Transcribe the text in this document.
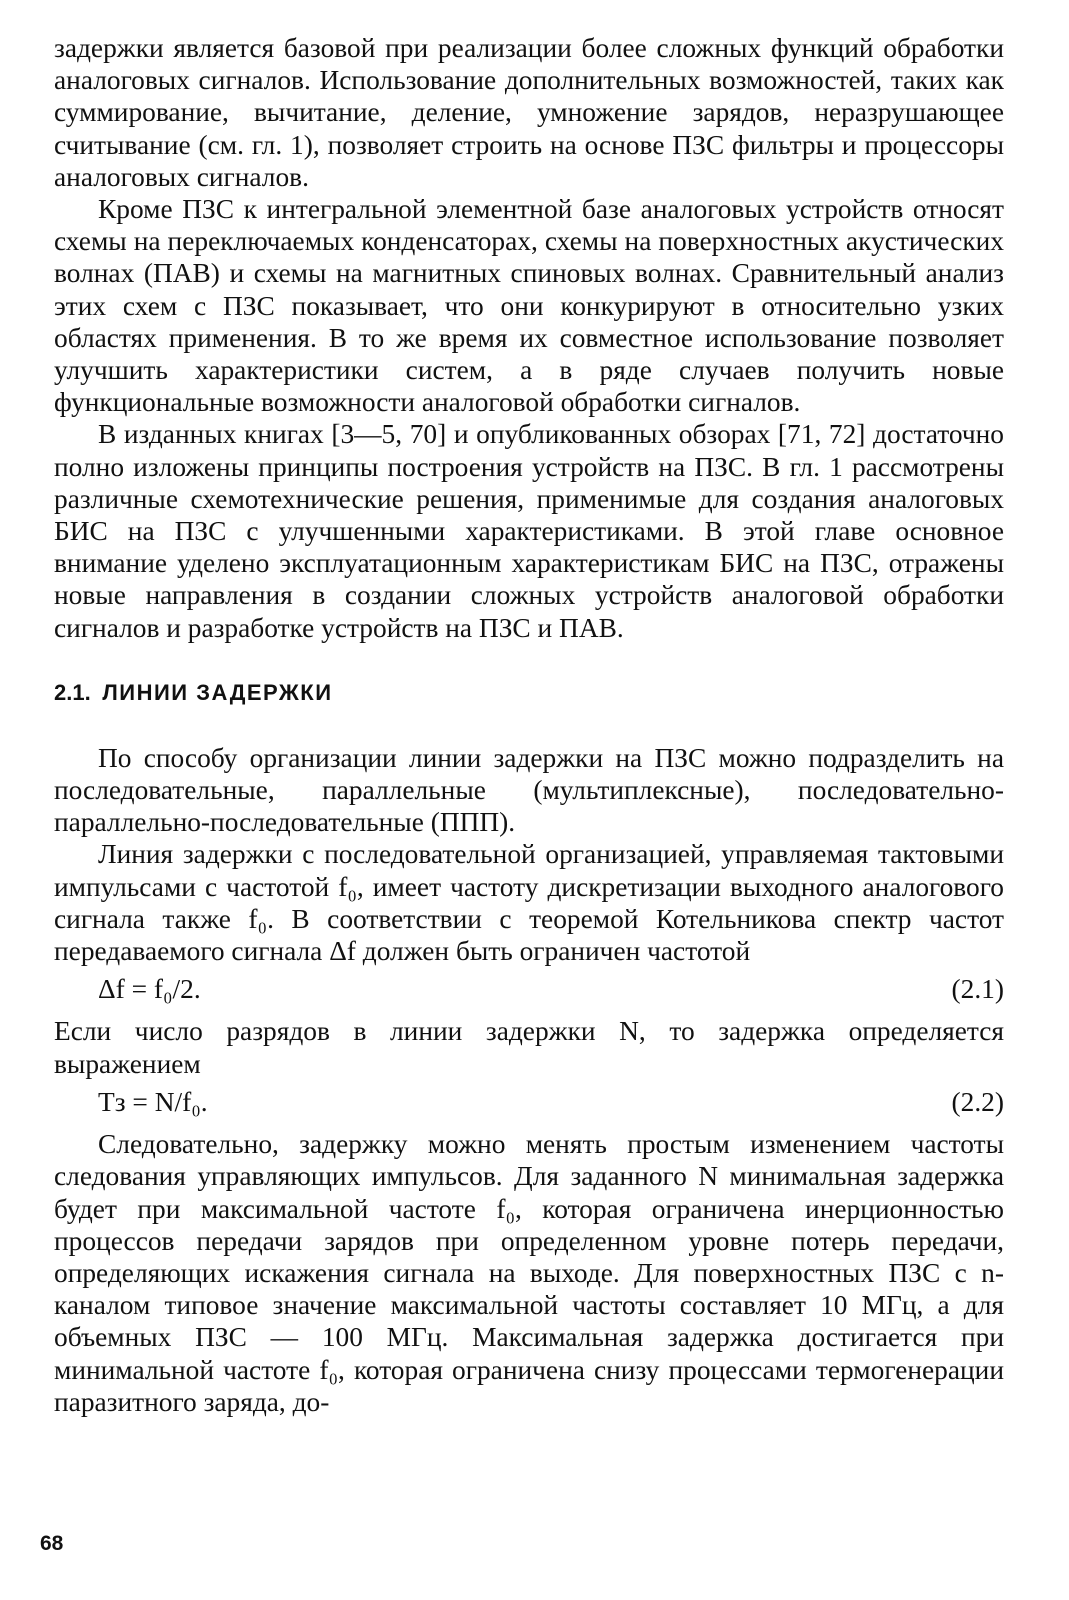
задержки является базовой при реализации более сложных функций обработки аналоговых сигналов. Использование дополнительных возможностей, таких как суммирование, вычитание, деление, умножение зарядов, неразрушающее считывание (см. гл. 1), позволяет строить на основе ПЗС фильтры и процессоры аналоговых сигналов.

Кроме ПЗС к интегральной элементной базе аналоговых устройств относят схемы на переключаемых конденсаторах, схемы на поверхностных акустических волнах (ПАВ) и схемы на магнитных спиновых волнах. Сравнительный анализ этих схем с ПЗС показывает, что они конкурируют в относительно узких областях применения. В то же время их совместное использование позволяет улучшить характеристики систем, а в ряде случаев получить новые функциональные возможности аналоговой обработки сигналов.

В изданных книгах [3—5, 70] и опубликованных обзорах [71, 72] достаточно полно изложены принципы построения устройств на ПЗС. В гл. 1 рассмотрены различные схемотехнические решения, применимые для создания аналоговых БИС на ПЗС с улучшенными характеристиками. В этой главе основное внимание уделено эксплуатационным характеристикам БИС на ПЗС, отражены новые направления в создании сложных устройств аналоговой обработки сигналов и разработке устройств на ПЗС и ПАВ.

2.1. ЛИНИИ ЗАДЕРЖКИ

По способу организации линии задержки на ПЗС можно подразделить на последовательные, параллельные (мультиплексные), последовательно-параллельно-последовательные (ППП).

Линия задержки с последовательной организацией, управляемая тактовыми импульсами с частотой f₀, имеет частоту дискретизации выходного аналогового сигнала также f₀. В соответствии с теоремой Котельникова спектр частот передаваемого сигнала Δf должен быть ограничен частотой

Δf = f₀/2.	(2.1)

Если число разрядов в линии задержки N, то задержка определяется выражением

Tз = N/f₀.	(2.2)

Следовательно, задержку можно менять простым изменением частоты следования управляющих импульсов. Для заданного N минимальная задержка будет при максимальной частоте f₀, которая ограничена инерционностью процессов передачи зарядов при определенном уровне потерь передачи, определяющих искажения сигнала на выходе. Для поверхностных ПЗС с n-каналом типовое значение максимальной частоты составляет 10 МГц, а для объемных ПЗС — 100 МГц. Максимальная задержка достигается при минимальной частоте f₀, которая ограничена снизу процессами термогенерации паразитного заряда, до-

68
